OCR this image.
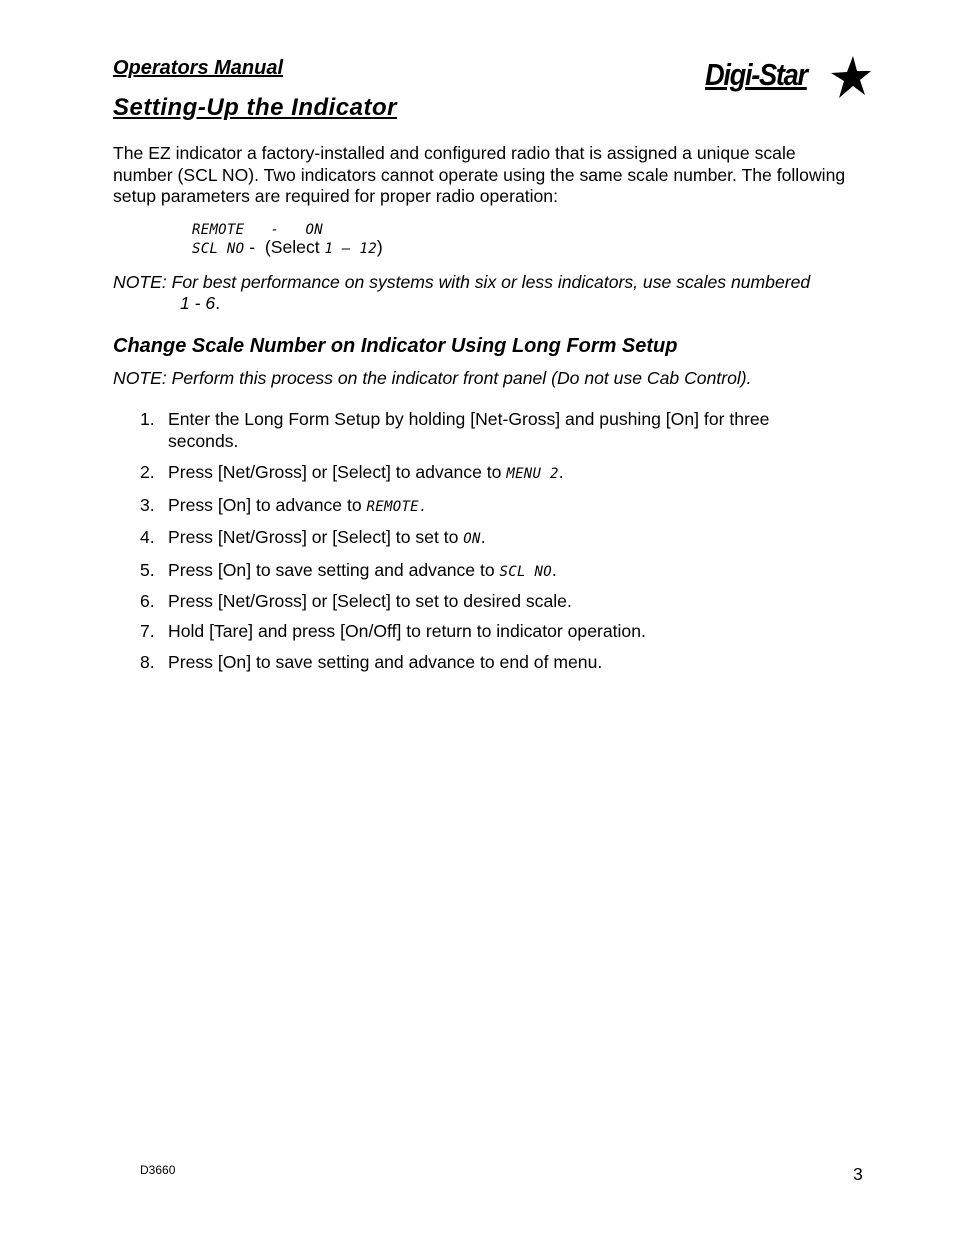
Operators Manual	Digi-Star
Setting-Up the Indicator
The EZ indicator a factory-installed and configured radio that is assigned a unique scale number (SCL NO). Two indicators cannot operate using the same scale number. The following setup parameters are required for proper radio operation:
REMOTE   -   ON
SCL NO -  (Select 1 – 12)
NOTE: For best performance on systems with six or less indicators, use scales numbered
1 - 6.
Change Scale Number on Indicator Using Long Form Setup
NOTE: Perform this process on the indicator front panel (Do not use Cab Control).
1. Enter the Long Form Setup by holding [Net-Gross] and pushing [On] for three seconds.
2. Press [Net/Gross] or [Select] to advance to MENU 2.
3. Press [On] to advance to REMOTE.
4. Press [Net/Gross] or [Select] to set to ON.
5. Press [On] to save setting and advance to SCL NO.
6. Press [Net/Gross] or [Select] to set to desired scale.
7. Hold [Tare] and press [On/Off] to return to indicator operation.
8. Press [On] to save setting and advance to end of menu.
D3660	3
